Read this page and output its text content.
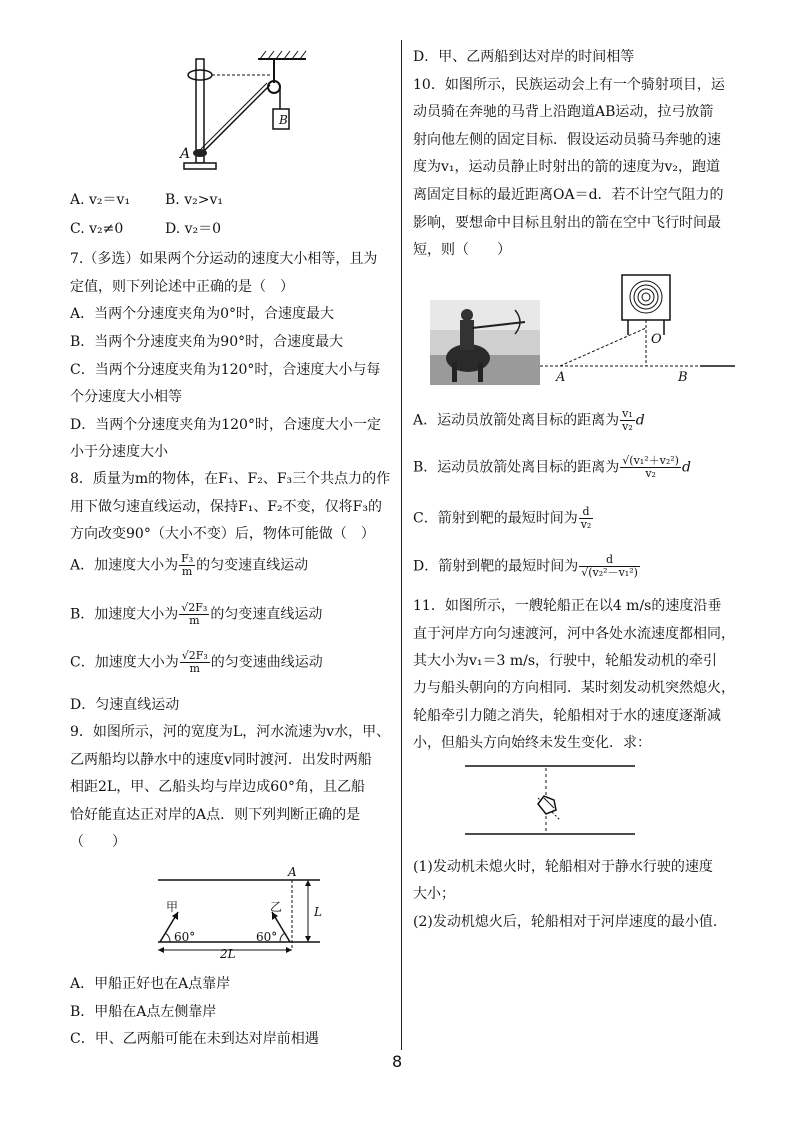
A
B
A. v₂＝v₁ B. v₂>v₁
C. v₂≠0	D. v₂＝0
7.（多选）如果两个分运动的速度大小相等，且为
定值，则下列论述中正确的是（　）
A．当两个分速度夹角为0°时，合速度最大
B．当两个分速度夹角为90°时，合速度最大
C．当两个分速度夹角为120°时，合速度大小与每
个分速度大小相等
D．当两个分速度夹角为120°时，合速度大小一定
小于分速度大小
8．质量为m的物体，在F₁、F₂、F₃三个共点力的作
用下做匀速直线运动，保持F₁、F₂不变，仅将F₃的
方向改变90°（大小不变）后，物体可能做（　）
A．加速度大小为 $\frac{\text{F₃}}{m}$ 的匀变速直线运动
B．加速度大小为 $\frac{\text{√2F₃}}{m}$ 的匀变速直线运动
C．加速度大小为 $\frac{\text{√2F₃}}{m}$ 的匀变速曲线运动
D．匀速直线运动
9．如图所示，河的宽度为L，河水流速为v水，甲、
乙两船均以静水中的速度v同时渡河．出发时两船
相距2L，甲、乙船头均与岸边成60°角，且乙船
恰好能直达正对岸的A点．则下列判断正确的是
（　　）
A
甲	乙	L
60°	60°
2L
A．甲船正好也在A点靠岸
B．甲船在A点左侧靠岸
C．甲、乙两船可能在未到达对岸前相遇
D．甲、乙两船到达对岸的时间相等
10．如图所示，民族运动会上有一个骑射项目，运
动员骑在奔驰的马背上沿跑道AB运动，拉弓放箭
射向他左侧的固定目标．假设运动员骑马奔驰的速
度为v₁，运动员静止时射出的箭的速度为v₂，跑道
离固定目标的最近距离OA＝d．若不计空气阻力的
影响，要想命中目标且射出的箭在空中飞行时间最
短，则（　　）
O
A	B
A．运动员放箭处离目标的距离为 $\frac{\text{v₁}}{\text{v₂}}$ d
B．运动员放箭处离目标的距离为 $\frac{\text{√(v₁²＋v₂²)}}{\text{v₂}}$ d
C．箭射到靶的最短时间为 $\frac{d}{\text{v₂}}$
D．箭射到靶的最短时间为 $\frac{d}{\text{√(v₂²－v₁²)}}$
11．如图所示，一艘轮船正在以4 m/s的速度沿垂
直于河岸方向匀速渡河，河中各处水流速度都相同，
其大小为v₁＝3 m/s，行驶中，轮船发动机的牵引
力与船头朝向的方向相同．某时刻发动机突然熄火，
轮船牵引力随之消失，轮船相对于水的速度逐渐减
小，但船头方向始终未发生变化．求：
(1)发动机未熄火时，轮船相对于静水行驶的速度
大小；
(2)发动机熄火后，轮船相对于河岸速度的最小值．
8
